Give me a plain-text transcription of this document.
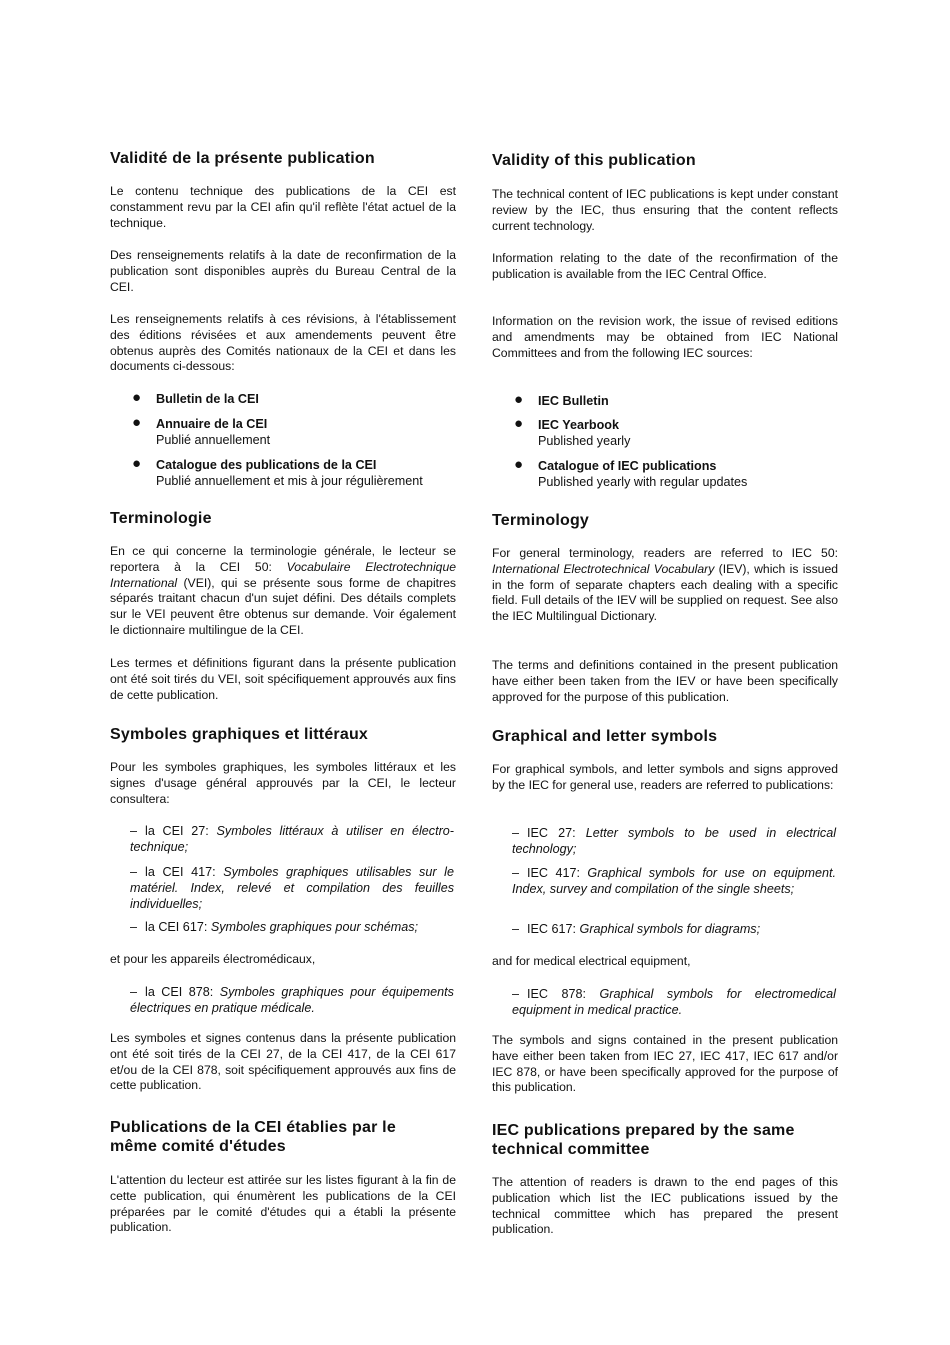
Validité de la présente publication

Le contenu technique des publications de la CEI est constamment revu par la CEI afin qu'il reflète l'état actuel de la technique.

Des renseignements relatifs à la date de reconfirmation de la publication sont disponibles auprès du Bureau Central de la CEI.

Les renseignements relatifs à ces révisions, à l'établissement des éditions révisées et aux amendements peuvent être obtenus auprès des Comités nationaux de la CEI et dans les documents ci-dessous:

● Bulletin de la CEI
● Annuaire de la CEI
Publié annuellement
● Catalogue des publications de la CEI
Publié annuellement et mis à jour régulièrement
Terminologie

En ce qui concerne la terminologie générale, le lecteur se reportera à la CEI 50: Vocabulaire Electrotechnique International (VEI), qui se présente sous forme de chapitres séparés traitant chacun d'un sujet défini. Des détails complets sur le VEI peuvent être obtenus sur demande. Voir également le dictionnaire multilingue de la CEI.

Les termes et définitions figurant dans la présente publication ont été soit tirés du VEI, soit spécifiquement approuvés aux fins de cette publication.

Symboles graphiques et littéraux

Pour les symboles graphiques, les symboles littéraux et les signes d'usage général approuvés par la CEI, le lecteur consultera:

– la CEI 27: Symboles littéraux à utiliser en électro-technique;

– la CEI 417: Symboles graphiques utilisables sur le matériel. Index, relevé et compilation des feuilles individuelles;

– la CEI 617: Symboles graphiques pour schémas;

et pour les appareils électromédicaux,

– la CEI 878: Symboles graphiques pour équipements électriques en pratique médicale.

Les symboles et signes contenus dans la présente publication ont été soit tirés de la CEI 27, de la CEI 417, de la CEI 617 et/ou de la CEI 878, soit spécifiquement approuvés aux fins de cette publication.

Publications de la CEI établies par le
même comité d'études

L'attention du lecteur est attirée sur les listes figurant à la fin de cette publication, qui énumèrent les publications de la CEI préparées par le comité d'études qui a établi la présente publication.

Validity of this publication

The technical content of IEC publications is kept under constant review by the IEC, thus ensuring that the content reflects current technology.

Information relating to the date of the reconfirmation of the publication is available from the IEC Central Office.

Information on the revision work, the issue of revised editions and amendments may be obtained from IEC National Committees and from the following IEC sources:

● IEC Bulletin
● IEC Yearbook
Published yearly
● Catalogue of IEC publications
Published yearly with regular updates
Terminology

For general terminology, readers are referred to IEC 50: International Electrotechnical Vocabulary (IEV), which is issued in the form of separate chapters each dealing with a specific field. Full details of the IEV will be supplied on request. See also the IEC Multilingual Dictionary.

The terms and definitions contained in the present publication have either been taken from the IEV or have been specifically approved for the purpose of this publication.

Graphical and letter symbols

For graphical symbols, and letter symbols and signs approved by the IEC for general use, readers are referred to publications:

– IEC 27: Letter symbols to be used in electrical technology;

– IEC 417: Graphical symbols for use on equipment. Index, survey and compilation of the single sheets;

– IEC 617: Graphical symbols for diagrams;

and for medical electrical equipment,

– IEC 878: Graphical symbols for electromedical equipment in medical practice.

The symbols and signs contained in the present publication have either been taken from IEC 27, IEC 417, IEC 617 and/or IEC 878, or have been specifically approved for the purpose of this publication.

IEC publications prepared by the same
technical committee

The attention of readers is drawn to the end pages of this publication which list the IEC publications issued by the technical committee which has prepared the present publication.
